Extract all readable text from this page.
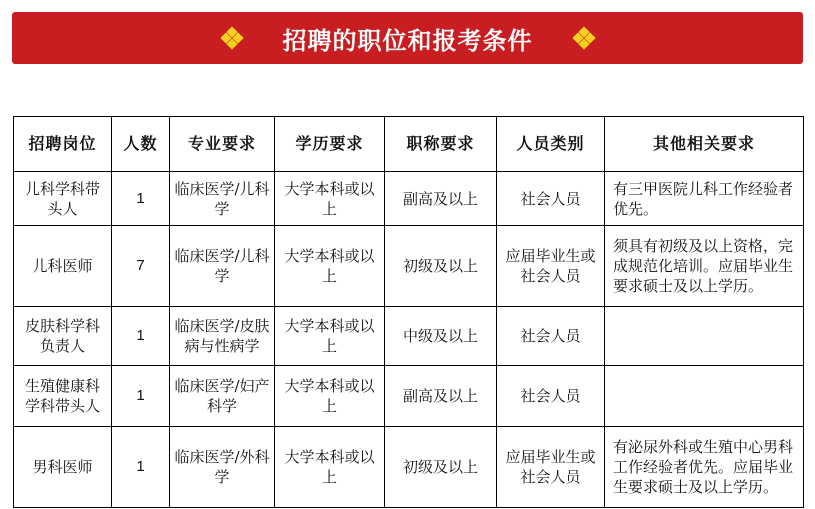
招聘的职位和报考条件
招聘岗位	人数	专业要求	学历要求	职称要求	人员类别	其他相关要求
儿科学科带头人	1	临床医学/儿科学	大学本科或以上	副高及以上	社会人员	有三甲医院儿科工作经验者优先。
儿科医师	7	临床医学/儿科学	大学本科或以上	初级及以上	应届毕业生或社会人员	须具有初级及以上资格，完成规范化培训。应届毕业生要求硕士及以上学历。
皮肤科学科负责人	1	临床医学/皮肤病与性病学	大学本科或以上	中级及以上	社会人员	
生殖健康科学科带头人	1	临床医学/妇产科学	大学本科或以上	副高及以上	社会人员	
男科医师	1	临床医学/外科学	大学本科或以上	初级及以上	应届毕业生或社会人员	有泌尿外科或生殖中心男科工作经验者优先。应届毕业生要求硕士及以上学历。
